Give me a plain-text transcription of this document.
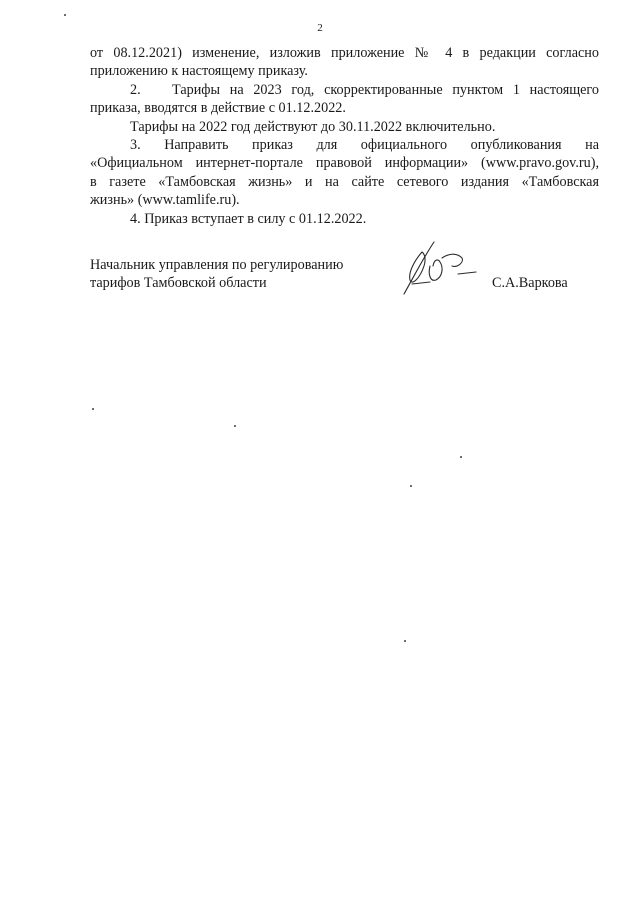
2
от 08.12.2021) изменение, изложив приложение № 4 в редакции согласно
приложению к настоящему приказу.
2. Тарифы на 2023 год, скорректированные пунктом 1 настоящего
приказа, вводятся в действие с 01.12.2022.
Тарифы на 2022 год действуют до 30.11.2022 включительно.
3. Направить приказ для официального опубликования на
«Официальном интернет-портале правовой информации» (www.pravo.gov.ru),
в газете «Тамбовская жизнь» и на сайте сетевого издания «Тамбовская
жизнь» (www.tamlife.ru).
4. Приказ вступает в силу с 01.12.2022.
Начальник управления по регулированию
тарифов Тамбовской области	С.А.Варкова
